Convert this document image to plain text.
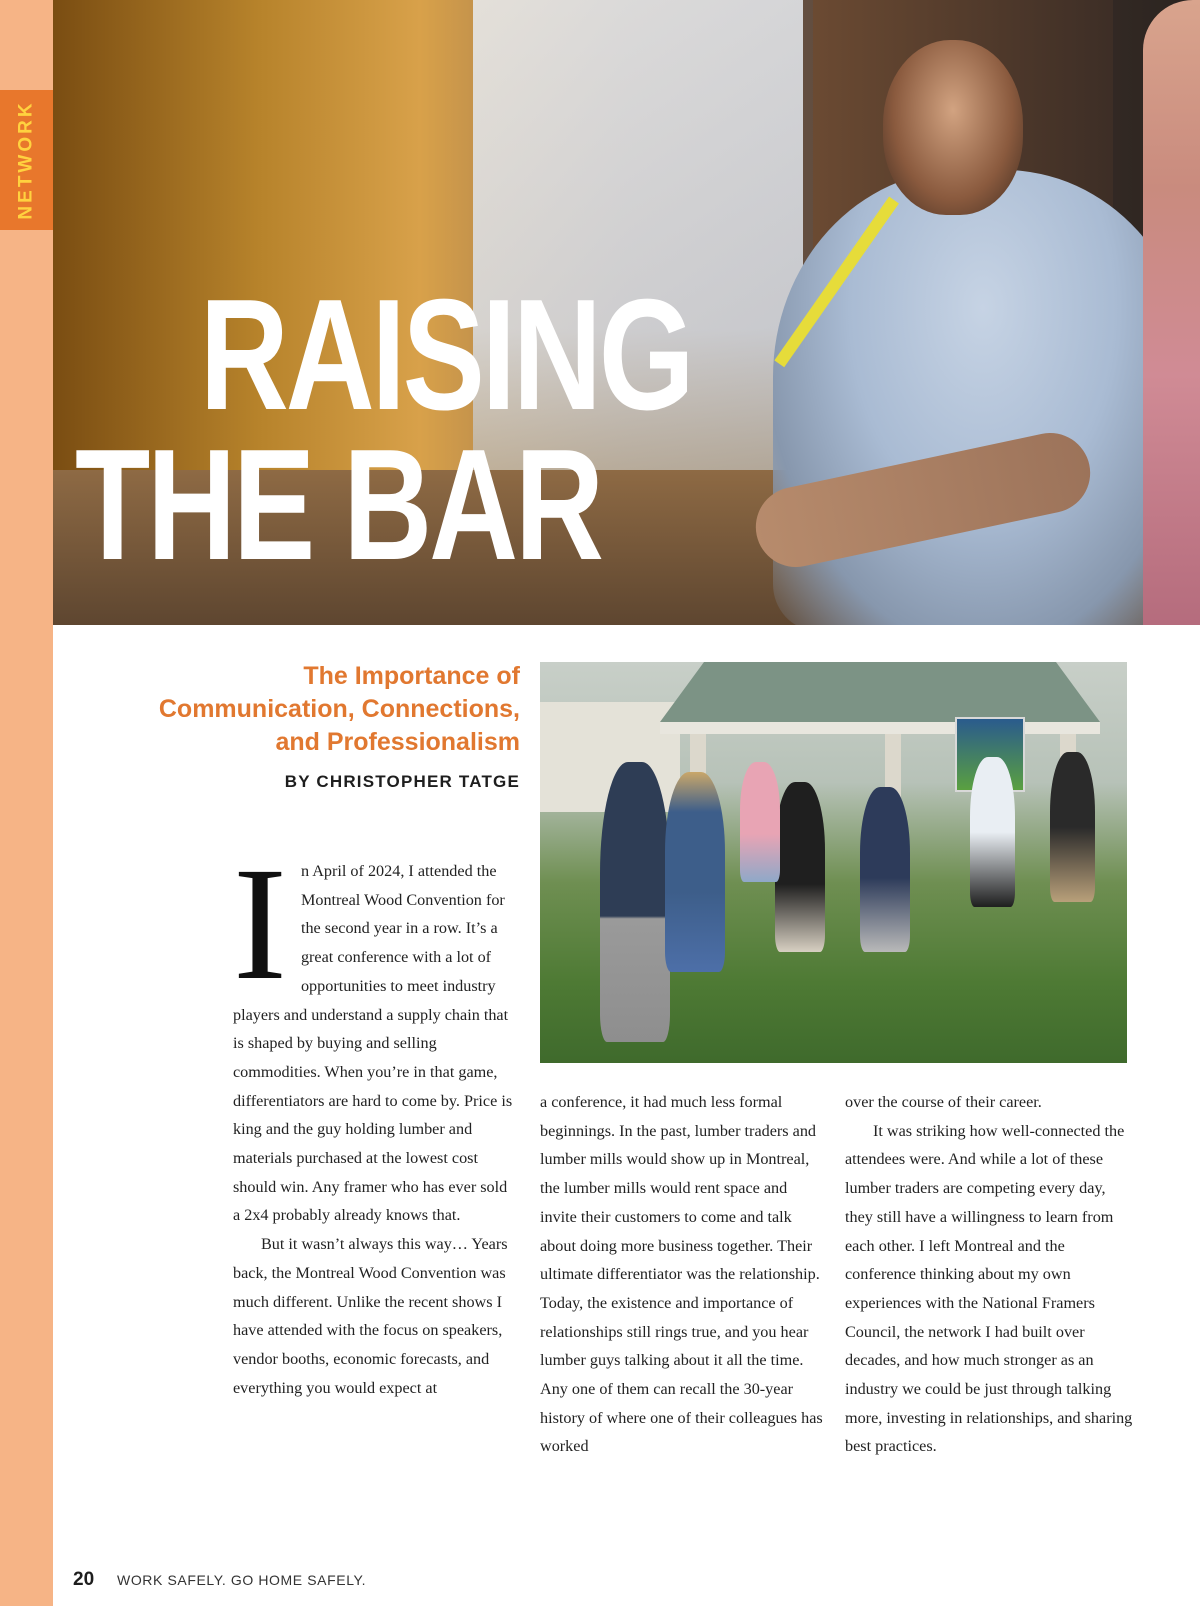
NETWORK
RAISING
THE BAR
The Importance of
Communication, Connections,
and Professionalism
BY CHRISTOPHER TATGE
I n April of 2024, I attended the Montreal Wood Convention for the second year in a row. It’s a great conference with a lot of opportunities to meet industry players and understand a supply chain that is shaped by buying and selling commodities. When you’re in that game, differentiators are hard to come by. Price is king and the guy holding lumber and materials purchased at the lowest cost should win. Any framer who has ever sold a 2x4 probably already knows that.

But it wasn’t always this way… Years back, the Montreal Wood Convention was much different. Unlike the recent shows I have attended with the focus on speakers, vendor booths, economic forecasts, and everything you would expect at

a conference, it had much less formal beginnings. In the past, lumber traders and lumber mills would show up in Montreal, the lumber mills would rent space and invite their customers to come and talk about doing more business together. Their ultimate differentiator was the relationship. Today, the existence and importance of relationships still rings true, and you hear lumber guys talking about it all the time. Any one of them can recall the 30-year history of where one of their colleagues has worked

over the course of their career.

It was striking how well-connected the attendees were. And while a lot of these lumber traders are competing every day, they still have a willingness to learn from each other. I left Montreal and the conference thinking about my own experiences with the National Framers Council, the network I had built over decades, and how much stronger as an industry we could be just through talking more, investing in relationships, and sharing best practices.

20 WORK SAFELY. GO HOME SAFELY.
